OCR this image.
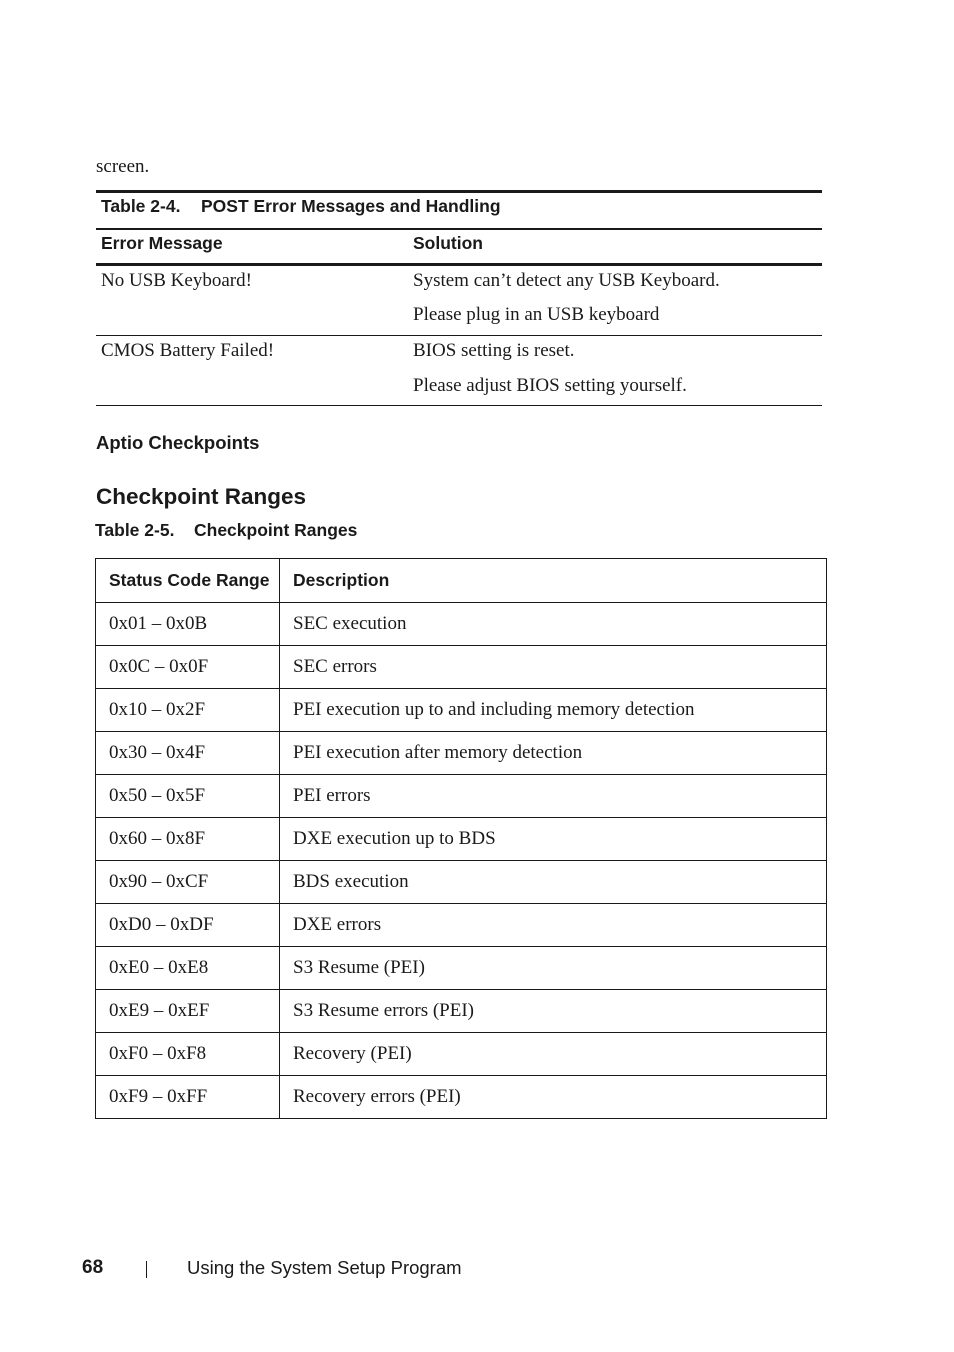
screen.
Table 2-4. POST Error Messages and Handling
Error Message	Solution
No USB Keyboard!	System can’t detect any USB Keyboard.
Please plug in an USB keyboard
CMOS Battery Failed!	BIOS setting is reset.
Please adjust BIOS setting yourself.
Aptio Checkpoints
Checkpoint Ranges
Table 2-5. Checkpoint Ranges
Status Code Range	Description
0x01 – 0x0B	SEC execution
0x0C – 0x0F	SEC errors
0x10 – 0x2F	PEI execution up to and including memory detection
0x30 – 0x4F	PEI execution after memory detection
0x50 – 0x5F	PEI errors
0x60 – 0x8F	DXE execution up to BDS
0x90 – 0xCF	BDS execution
0xD0 – 0xDF	DXE errors
0xE0 – 0xE8	S3 Resume (PEI)
0xE9 – 0xEF	S3 Resume errors (PEI)
0xF0 – 0xF8	Recovery (PEI)
0xF9 – 0xFF	Recovery errors (PEI)
68	Using the System Setup Program
